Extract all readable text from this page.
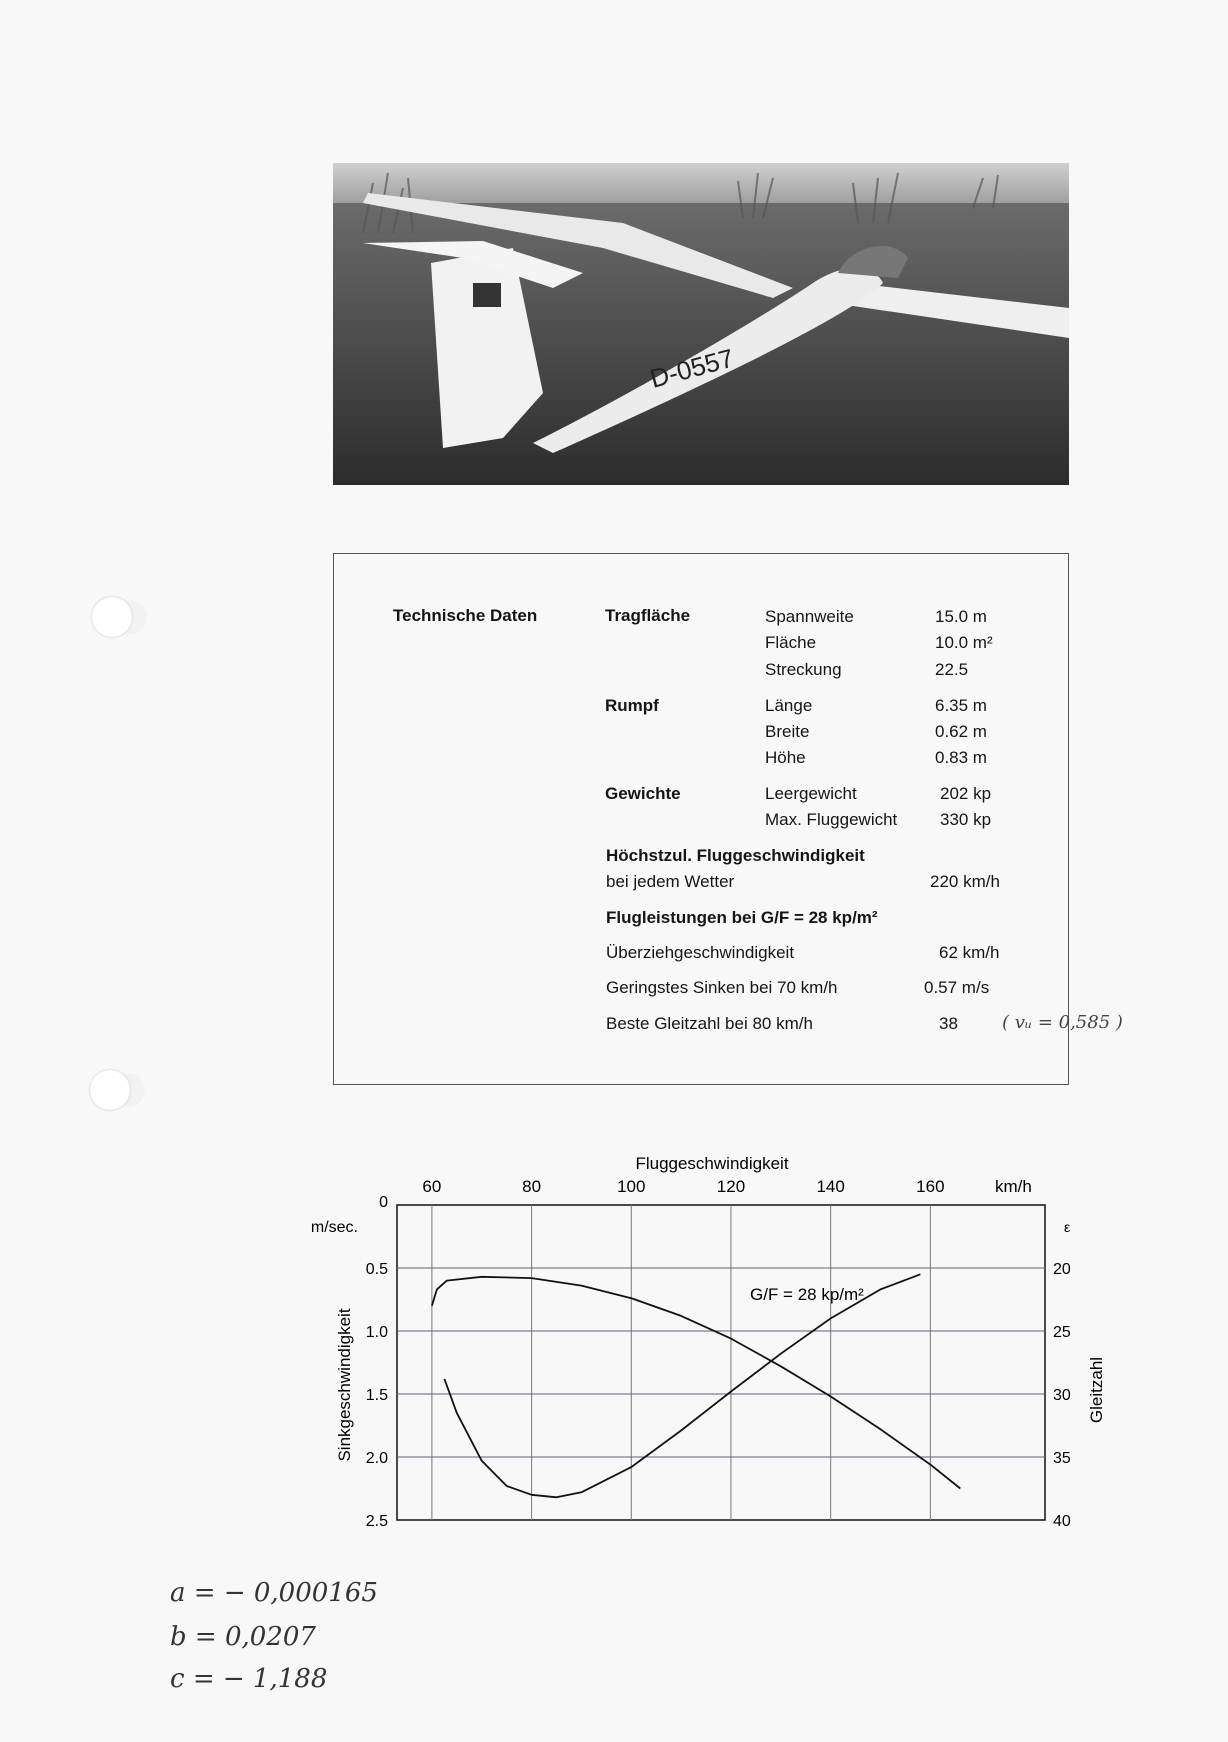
D-0557
Technische Daten	Tragfläche	Spannweite	15.0 m
Fläche	10.0 m²
Streckung	22.5
Rumpf	Länge	6.35 m
Breite	0.62 m
Höhe	0.83 m
Gewichte	Leergewicht	202 kp
Max. Fluggewicht	330 kp
Höchstzul. Fluggeschwindigkeit
bei jedem Wetter	220 km/h
Flugleistungen bei G/F = 28 kp/m²
Überziehgeschwindigkeit	62 km/h
Geringstes Sinken bei 70 km/h	0.57 m/s
Beste Gleitzahl bei 80 km/h	38 ( vᵤ = 0,585 )
Fluggeschwindigkeit
km/h
m/sec.	ε
Sinkgeschwindigkeit	Gleitzahl
G/F = 28 kp/m²
60	80	100	120	140	160
0
0.5
1.0
1.5
2.0
2.5
20
25
30
35
40
a = − 0,000165
b = 0,0207
c = − 1,188
